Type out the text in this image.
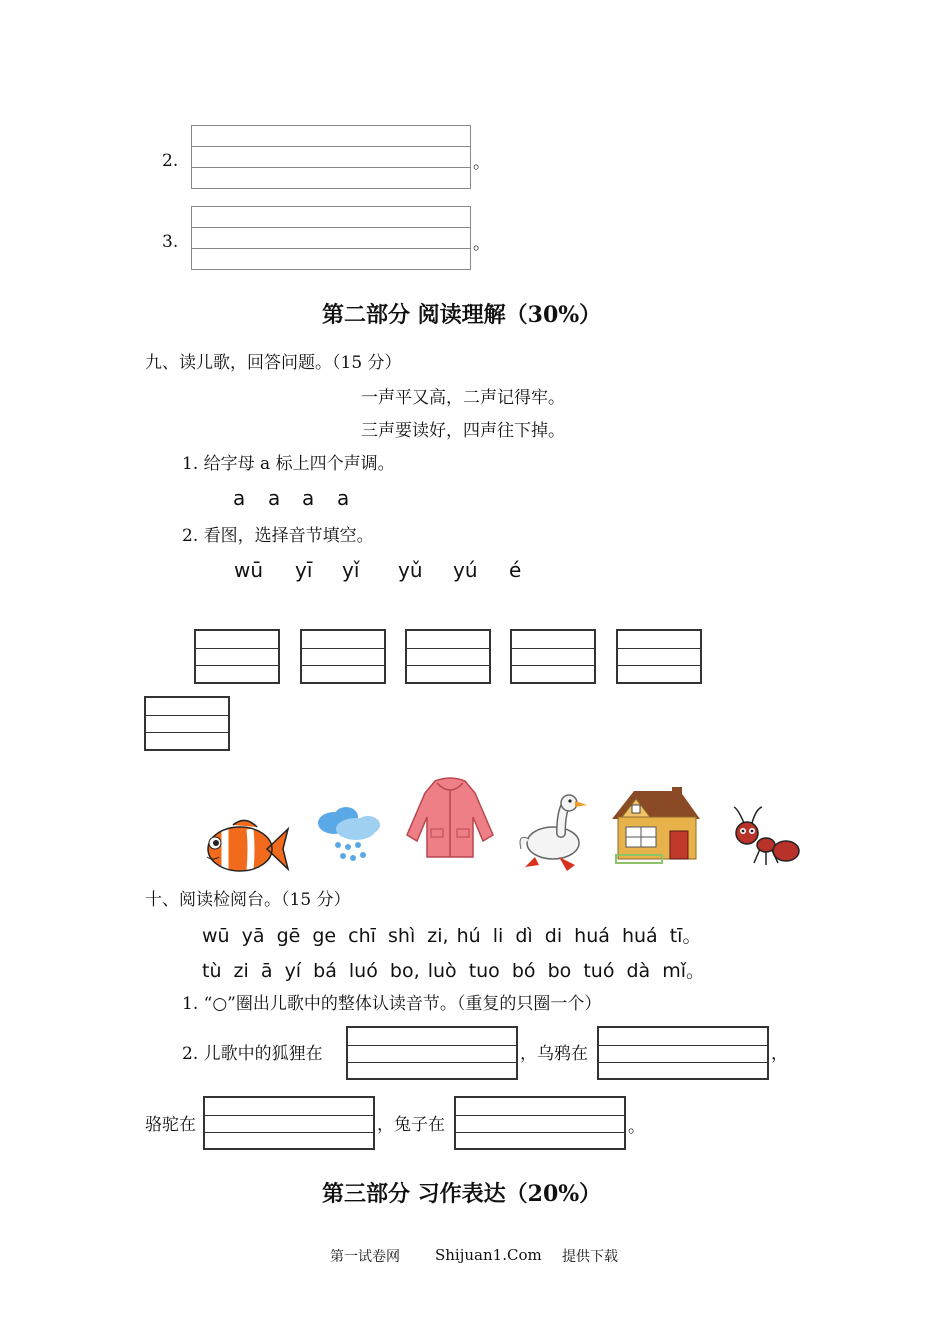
2.	。
3.	。
第二部分 阅读理解（30%）
九、读儿歌，回答问题。（15 分）
一声平又高，二声记得牢。
三声要读好，四声往下掉。
1. 给字母 a 标上四个声调。
a a a a
2. 看图，选择音节填空。
wū yī yǐ yǔ yú é
十、阅读检阅台。（15 分）
wū yā gē ge chī shì zi, hú li dì di huá huá tī。
tù zi ā yí bá luó bo, luò tuo bó bo tuó dà mǐ。
1. “○”圈出儿歌中的整体认读音节。（重复的只圈一个）
2. 儿歌中的狐狸在	，乌鸦在	，
骆驼在	，兔子在	。
第三部分 习作表达（20%）
第一试卷网 Shijuan1.Com 提供下载
